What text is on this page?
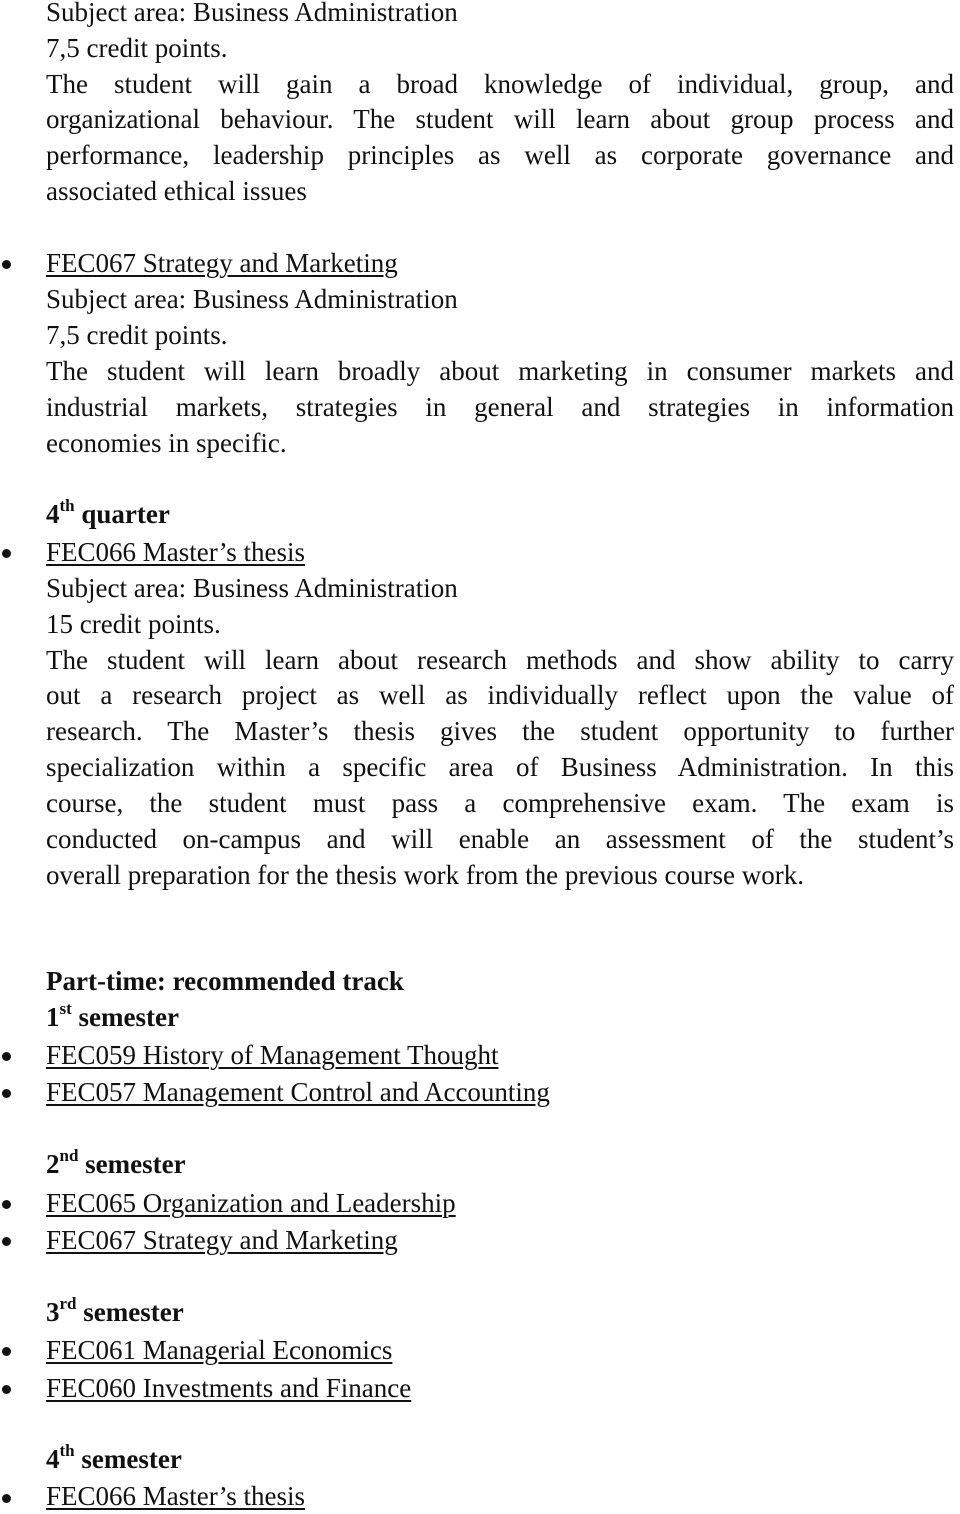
Subject area: Business Administration
7,5 credit points.
The student will gain a broad knowledge of individual, group, and
organizational behaviour. The student will learn about group process and
performance, leadership principles as well as corporate governance and
associated ethical issues
FEC067 Strategy and Marketing
Subject area: Business Administration
7,5 credit points.
The student will learn broadly about marketing in consumer markets and
industrial markets, strategies in general and strategies in information
economies in specific.
4th quarter
FEC066 Master’s thesis
Subject area: Business Administration
15 credit points.
The student will learn about research methods and show ability to carry
out a research project as well as individually reflect upon the value of
research. The Master’s thesis gives the student opportunity to further
specialization within a specific area of Business Administration. In this
course, the student must pass a comprehensive exam. The exam is
conducted on-campus and will enable an assessment of the student’s
overall preparation for the thesis work from the previous course work.
Part-time: recommended track
1st semester
FEC059 History of Management Thought
FEC057 Management Control and Accounting
2nd semester
FEC065 Organization and Leadership
FEC067 Strategy and Marketing
3rd semester
FEC061 Managerial Economics
FEC060 Investments and Finance
4th semester
FEC066 Master’s thesis
